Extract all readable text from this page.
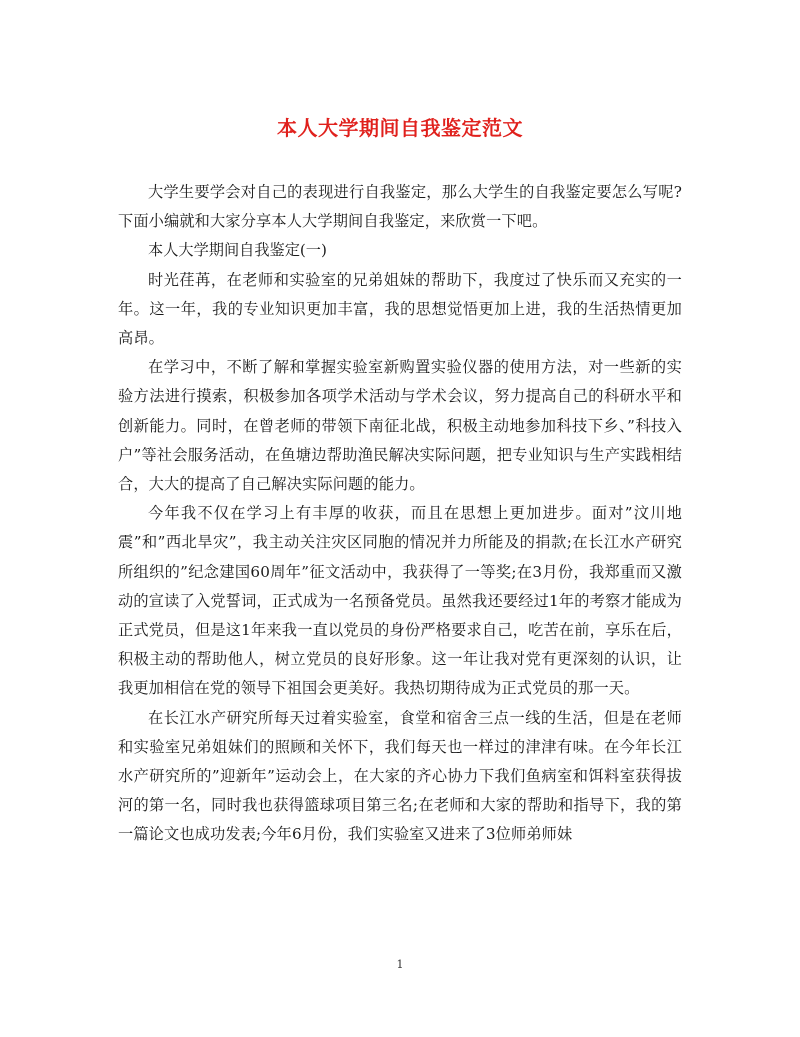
本人大学期间自我鉴定范文

大学生要学会对自己的表现进行自我鉴定，那么大学生的自我鉴定要怎么写呢?下面小编就和大家分享本人大学期间自我鉴定，来欣赏一下吧。

本人大学期间自我鉴定(一)

时光荏苒，在老师和实验室的兄弟姐妹的帮助下，我度过了快乐而又充实的一年。这一年，我的专业知识更加丰富，我的思想觉悟更加上进，我的生活热情更加高昂。

在学习中，不断了解和掌握实验室新购置实验仪器的使用方法，对一些新的实验方法进行摸索，积极参加各项学术活动与学术会议，努力提高自己的科研水平和创新能力。同时，在曾老师的带领下南征北战，积极主动地参加科技下乡、”科技入户”等社会服务活动，在鱼塘边帮助渔民解决实际问题，把专业知识与生产实践相结合，大大的提高了自己解决实际问题的能力。

今年我不仅在学习上有丰厚的收获，而且在思想上更加进步。面对”汶川地震”和”西北旱灾”，我主动关注灾区同胞的情况并力所能及的捐款;在长江水产研究所组织的”纪念建国60周年”征文活动中，我获得了一等奖;在3月份，我郑重而又激动的宣读了入党誓词，正式成为一名预备党员。虽然我还要经过1年的考察才能成为正式党员，但是这1年来我一直以党员的身份严格要求自己，吃苦在前，享乐在后，积极主动的帮助他人，树立党员的良好形象。这一年让我对党有更深刻的认识，让我更加相信在党的领导下祖国会更美好。我热切期待成为正式党员的那一天。

在长江水产研究所每天过着实验室，食堂和宿舍三点一线的生活，但是在老师和实验室兄弟姐妹们的照顾和关怀下，我们每天也一样过的津津有味。在今年长江水产研究所的”迎新年”运动会上，在大家的齐心协力下我们鱼病室和饵料室获得拔河的第一名，同时我也获得篮球项目第三名;在老师和大家的帮助和指导下，我的第一篇论文也成功发表;今年6月份，我们实验室又进来了3位师弟师妹

1
